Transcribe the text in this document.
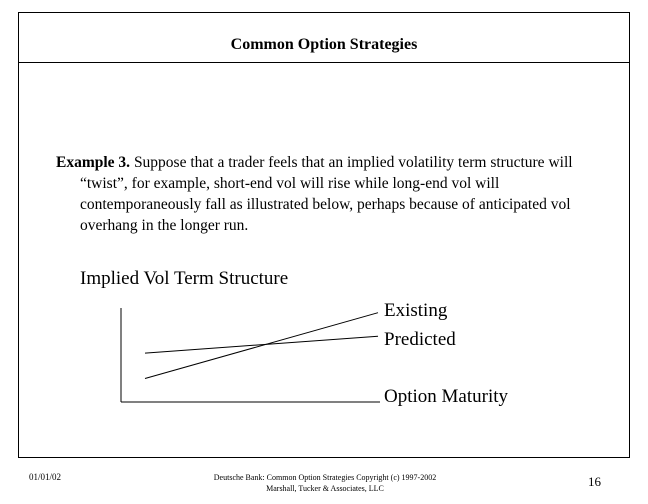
Common Option Strategies
Example 3. Suppose that a trader feels that an implied volatility term structure will “twist”, for example, short-end vol will rise while long-end vol will contemporaneously fall as illustrated below, perhaps because of anticipated vol overhang in the longer run.
Implied Vol Term Structure
Existing
Predicted
Option Maturity
01/01/02	Deutsche Bank: Common Option Strategies Copyright (c) 1997-2002 Marshall, Tucker & Associates, LLC	16
